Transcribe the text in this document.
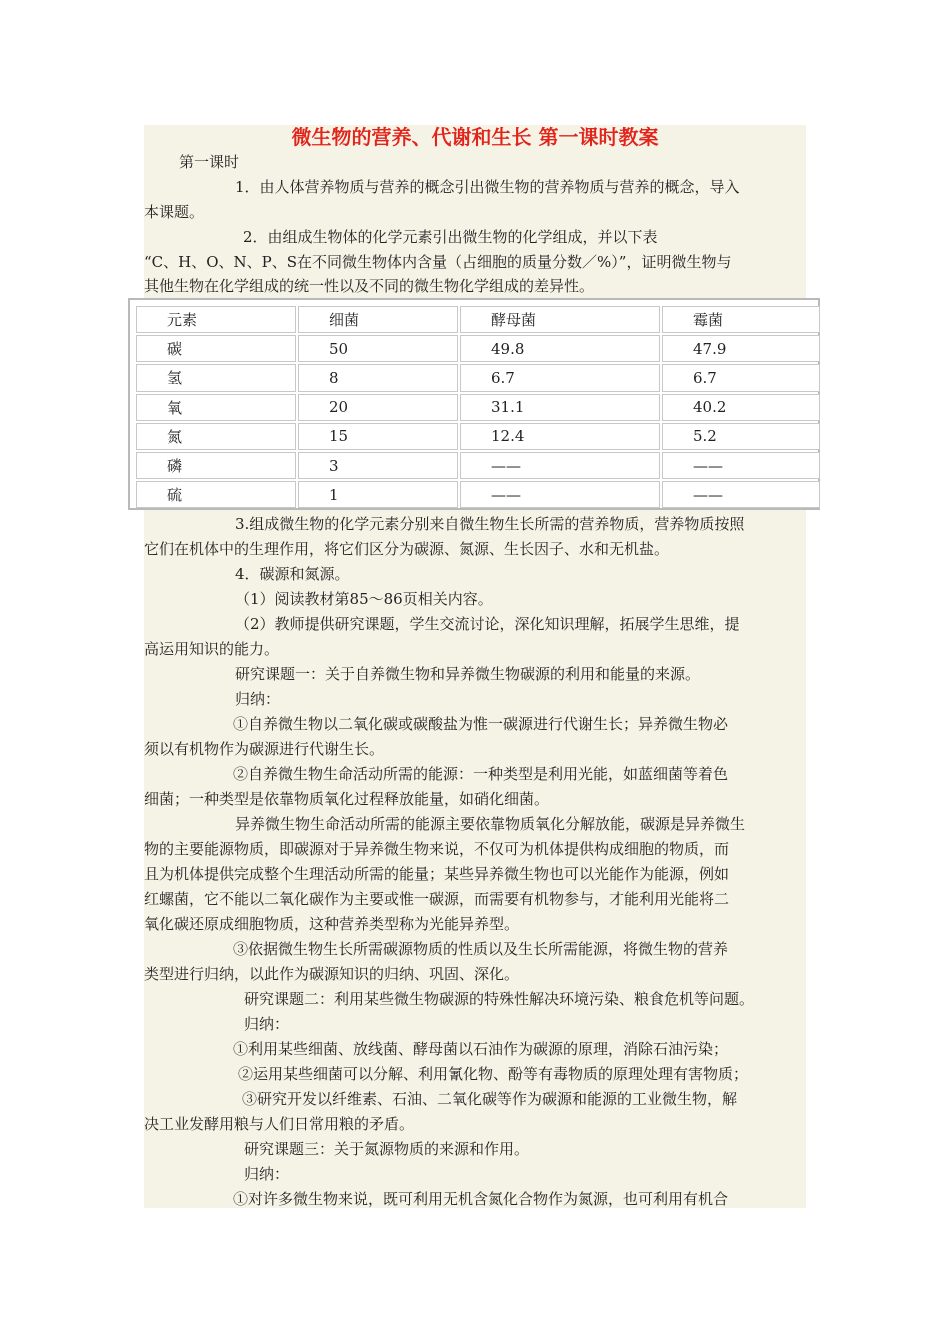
微生物的营养、代谢和生长 第一课时教案
第一课时
1．由人体营养物质与营养的概念引出微生物的营养物质与营养的概念，导入
本课题。
2．由组成生物体的化学元素引出微生物的化学组成，并以下表
“C、H、O、N、P、S在不同微生物体内含量（占细胞的质量分数／%）”，证明微生物与
其他生物在化学组成的统一性以及不同的微生物化学组成的差异性。
元素	细菌	酵母菌	霉菌
碳	50	49.8	47.9
氢	8	6.7	6.7
氧	20	31.1	40.2
氮	15	12.4	5.2
磷	3	——	——
硫	1	——	——
3.组成微生物的化学元素分别来自微生物生长所需的营养物质，营养物质按照
它们在机体中的生理作用，将它们区分为碳源、氮源、生长因子、水和无机盐。
4．碳源和氮源。
（1）阅读教材第85～86页相关内容。
（2）教师提供研究课题，学生交流讨论，深化知识理解，拓展学生思维，提
高运用知识的能力。
研究课题一：关于自养微生物和异养微生物碳源的利用和能量的来源。
归纳：
①自养微生物以二氧化碳或碳酸盐为惟一碳源进行代谢生长；异养微生物必
须以有机物作为碳源进行代谢生长。
②自养微生物生命活动所需的能源：一种类型是利用光能，如蓝细菌等着色
细菌；一种类型是依靠物质氧化过程释放能量，如硝化细菌。
异养微生物生命活动所需的能源主要依靠物质氧化分解放能，碳源是异养微生
物的主要能源物质，即碳源对于异养微生物来说，不仅可为机体提供构成细胞的物质，而
且为机体提供完成整个生理活动所需的能量；某些异养微生物也可以光能作为能源，例如
红螺菌，它不能以二氧化碳作为主要或惟一碳源，而需要有机物参与，才能利用光能将二
氧化碳还原成细胞物质，这种营养类型称为光能异养型。
③依据微生物生长所需碳源物质的性质以及生长所需能源，将微生物的营养
类型进行归纳，以此作为碳源知识的归纳、巩固、深化。
研究课题二：利用某些微生物碳源的特殊性解决环境污染、粮食危机等问题。
归纳：
①利用某些细菌、放线菌、酵母菌以石油作为碳源的原理，消除石油污染；
②运用某些细菌可以分解、利用氰化物、酚等有毒物质的原理处理有害物质；
③研究开发以纤维素、石油、二氧化碳等作为碳源和能源的工业微生物，解
决工业发酵用粮与人们日常用粮的矛盾。
研究课题三：关于氮源物质的来源和作用。
归纳：
①对许多微生物来说，既可利用无机含氮化合物作为氮源，也可利用有机合
